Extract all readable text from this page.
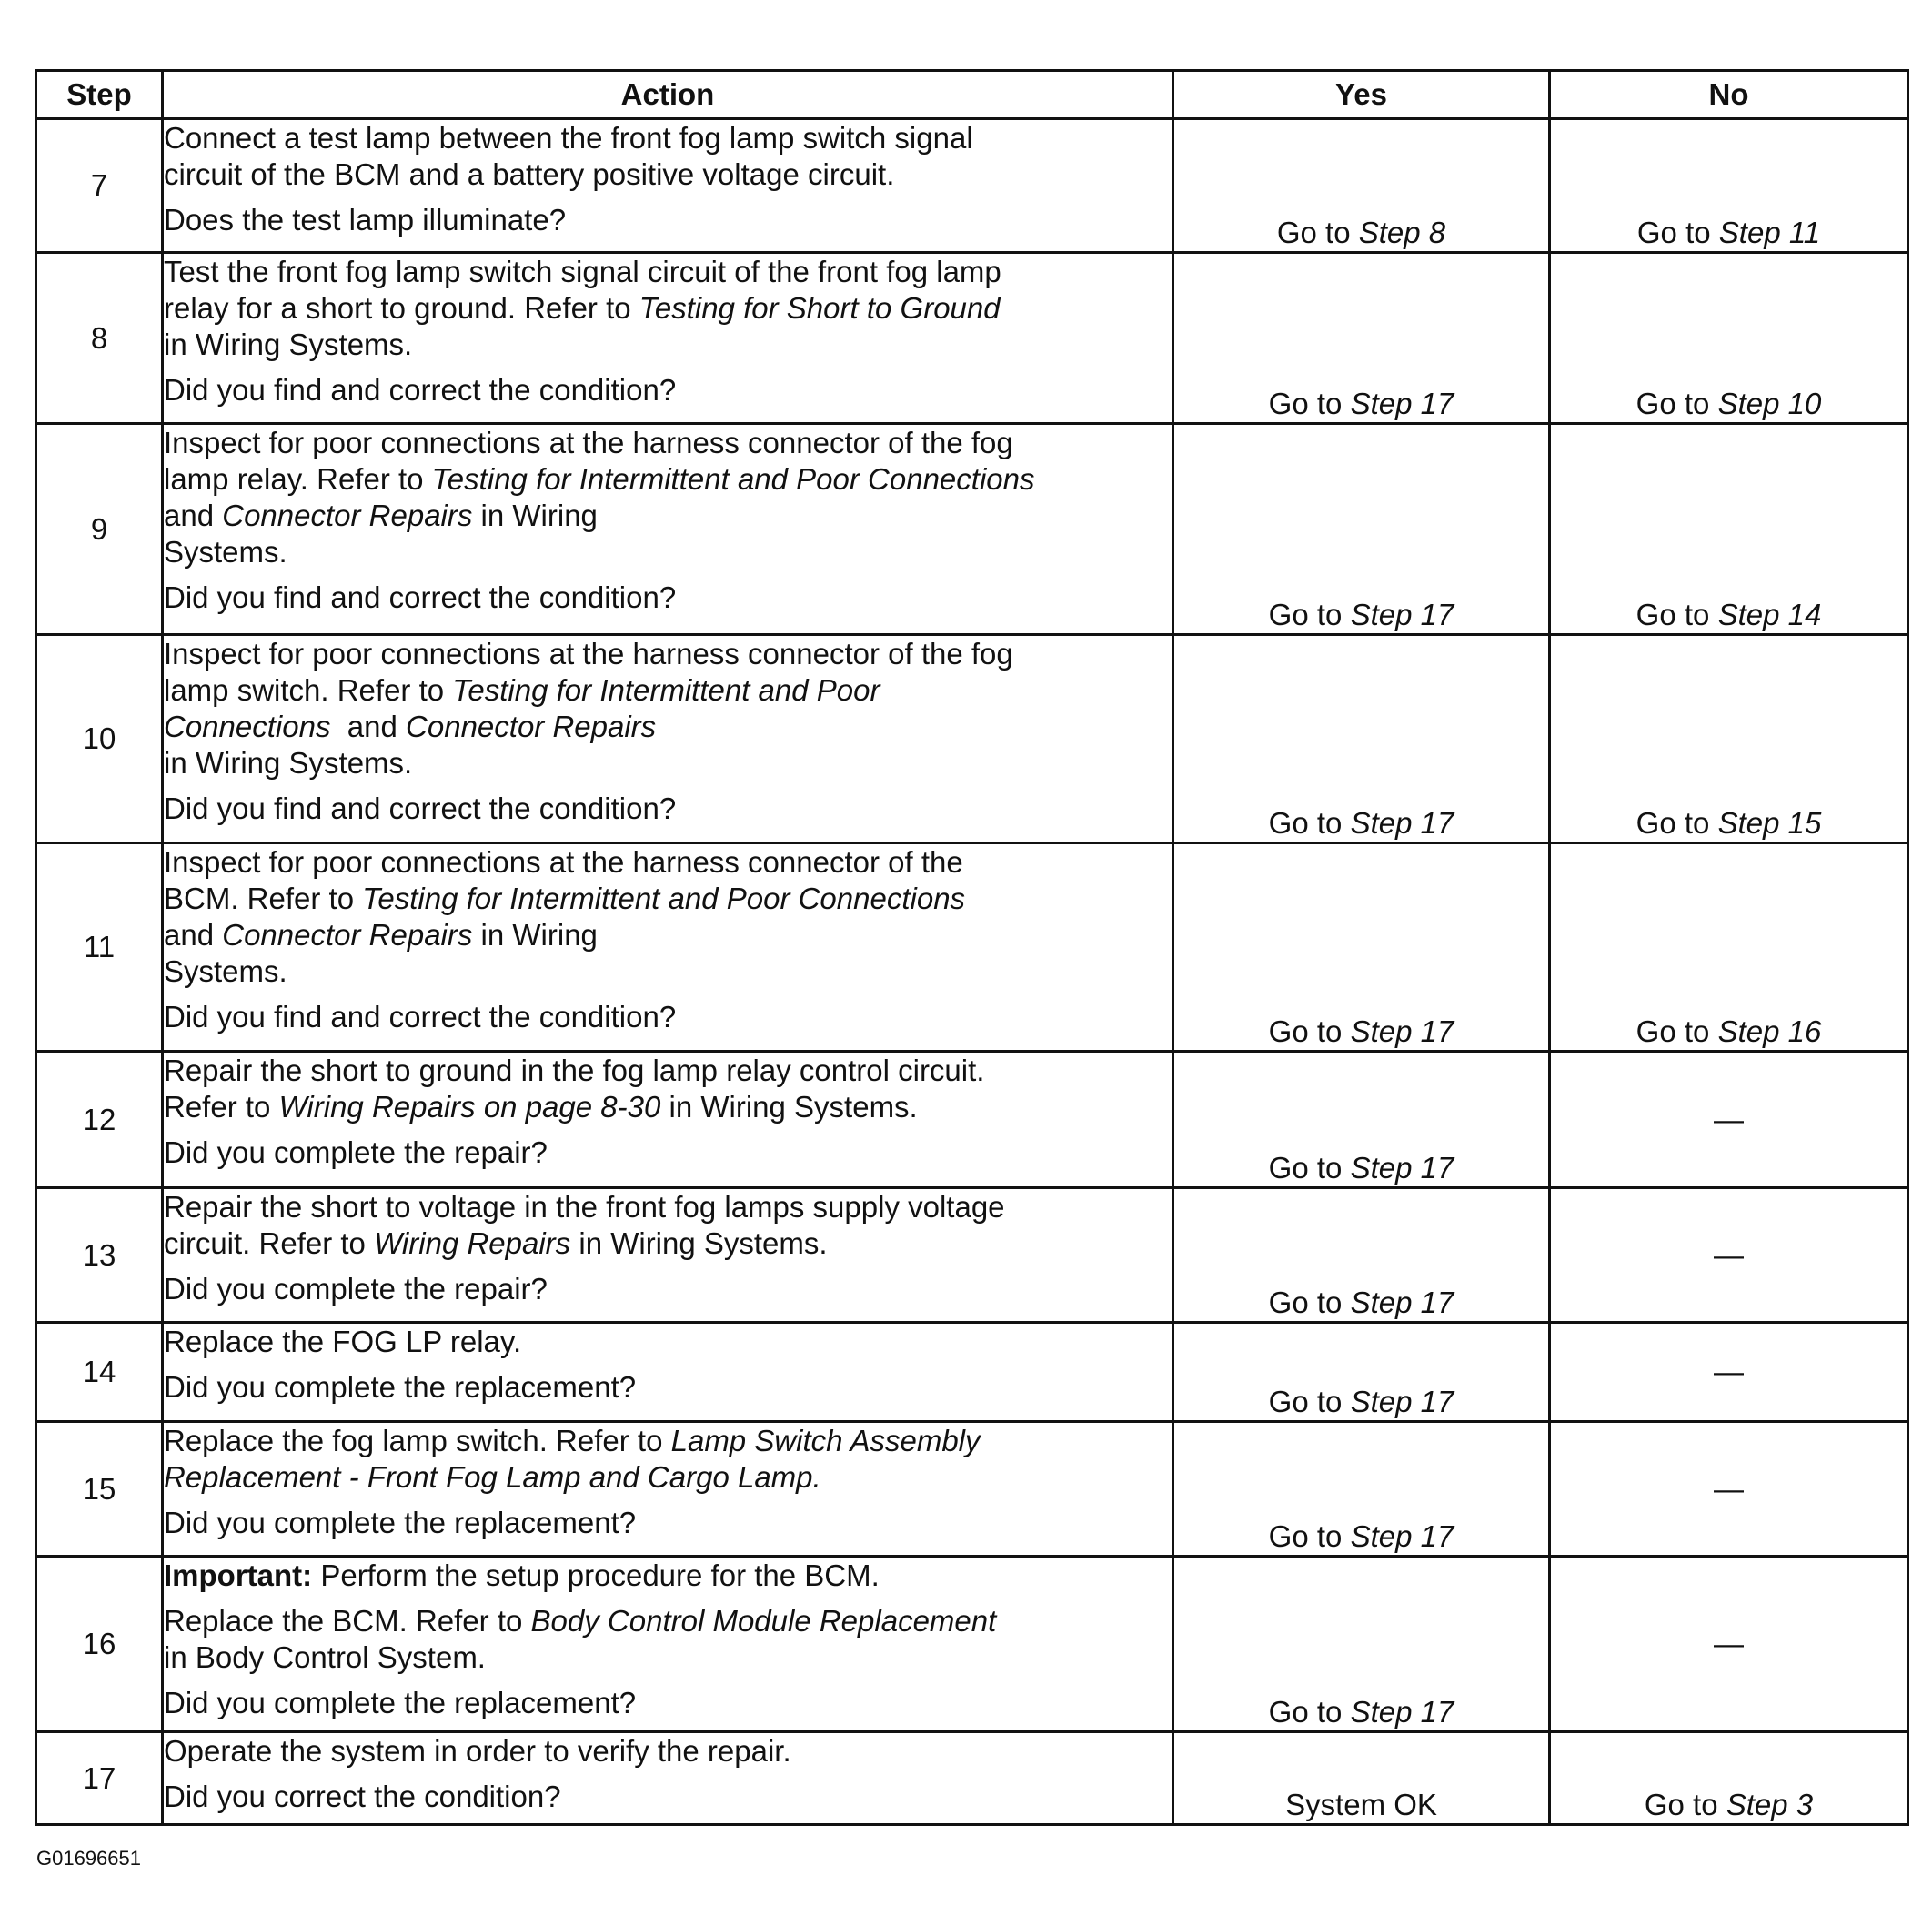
Step	Action	Yes	No
7	Connect a test lamp between the front fog lamp switch signal
circuit of the BCM and a battery positive voltage circuit.
Does the test lamp illuminate?	Go to Step 8	Go to Step 11
8	Test the front fog lamp switch signal circuit of the front fog lamp
relay for a short to ground. Refer to Testing for Short to Ground
in Wiring Systems.
Did you find and correct the condition?	Go to Step 17	Go to Step 10
9	Inspect for poor connections at the harness connector of the fog
lamp relay. Refer to Testing for Intermittent and Poor Connections
and Connector Repairs in Wiring
Systems.
Did you find and correct the condition?	Go to Step 17	Go to Step 14
10	Inspect for poor connections at the harness connector of the fog
lamp switch. Refer to Testing for Intermittent and Poor
Connections  and Connector Repairs
in Wiring Systems.
Did you find and correct the condition?	Go to Step 17	Go to Step 15
11	Inspect for poor connections at the harness connector of the
BCM. Refer to Testing for Intermittent and Poor Connections
and Connector Repairs in Wiring
Systems.
Did you find and correct the condition?	Go to Step 17	Go to Step 16
12	Repair the short to ground in the fog lamp relay control circuit.
Refer to Wiring Repairs on page 8-30 in Wiring Systems.
Did you complete the repair?	Go to Step 17	—
13	Repair the short to voltage in the front fog lamps supply voltage
circuit. Refer to Wiring Repairs in Wiring Systems.
Did you complete the repair?	Go to Step 17	—
14	Replace the FOG LP relay.
Did you complete the replacement?	Go to Step 17	—
15	Replace the fog lamp switch. Refer to Lamp Switch Assembly
Replacement - Front Fog Lamp and Cargo Lamp.
Did you complete the replacement?	Go to Step 17	—
16	Important: Perform the setup procedure for the BCM.
Replace the BCM. Refer to Body Control Module Replacement
in Body Control System.
Did you complete the replacement?	Go to Step 17	—
17	Operate the system in order to verify the repair.
Did you correct the condition?	System OK	Go to Step 3
G01696651
